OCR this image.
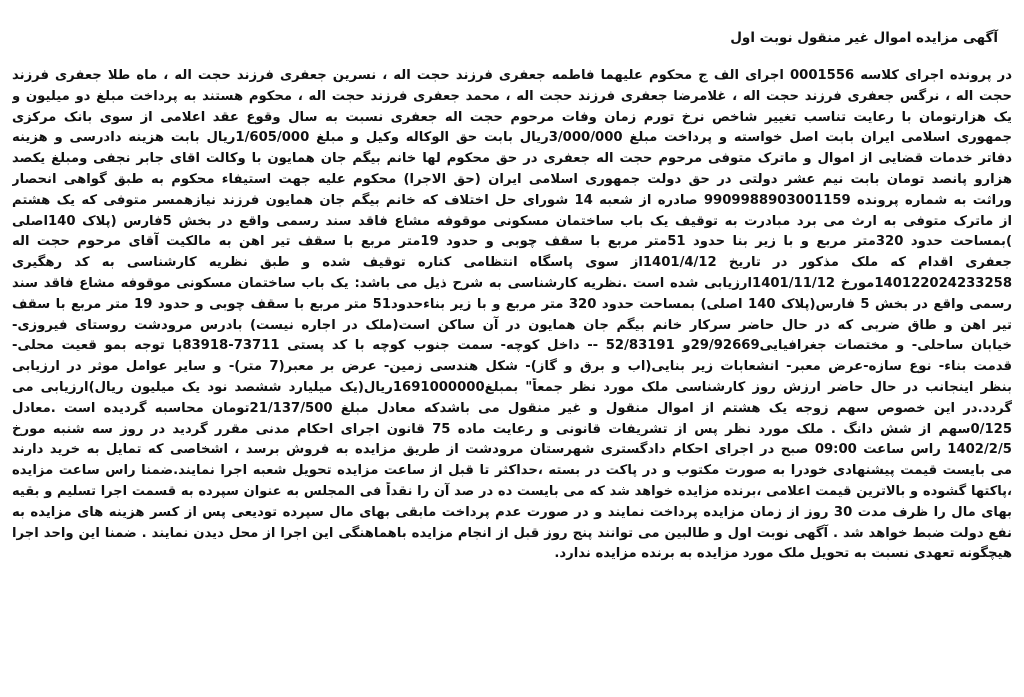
آگهی مزایده اموال غیر منقول نوبت اول
در پرونده اجرای کلاسه 0001556 اجرای الف ج محکوم علیهما فاطمه جعفری فرزند حجت اله ، نسرین جعفری فرزند حجت اله ، ماه طلا جعفری فرزند
حجت اله ، نرگس جعفری فرزند حجت اله ، غلامرضا جعفری فرزند حجت اله ، محمد جعفری فرزند حجت اله ، محکوم هستند به پرداخت مبلغ دو میلیون و
یک هزارتومان با رعایت تناسب تغییر شاخص نرخ تورم زمان وفات مرحوم حجت اله جعفری نسبت به سال وقوع عقد اعلامی از سوی بانک مرکزی
جمهوری اسلامی ایران بابت اصل خواسته و پرداخت مبلغ 3/000/000ریال بابت حق الوکاله وکیل و مبلغ 1/605/000ریال بابت هزینه دادرسی و هزینه
دفاتر خدمات قضایی از اموال و ماترک متوفی مرحوم حجت اله جعفری در حق محکوم لها خانم بیگم جان همایون با وکالت اقای جابر نجفی ومبلغ یکصد
هزارو پانصد تومان بابت نیم عشر دولتی در حق دولت جمهوری اسلامی ایران (حق الاجرا) محکوم علیه جهت استیفاء محکوم به طبق گواهی انحصار
وراثت به شماره پرونده 9909988903001159 صادره از شعبه 14 شورای حل اختلاف که خانم بیگم جان همایون فرزند نیازهمسر متوفی که یک هشتم
از ماترک متوفی به ارث می برد مبادرت به توقیف یک باب ساختمان مسکونی موقوفه مشاع فاقد سند رسمی واقع در بخش 5فارس (پلاک 140اصلی
)بمساحت حدود 320متر مربع و با زیر بنا حدود 51متر مربع با سقف چوبی و حدود 19متر مربع با سقف تیر اهن به مالکیت آقای مرحوم حجت اله
جعفری اقدام که ملک مذکور در تاریخ 1401/4/12از سوی پاسگاه انتظامی کناره توقیف شده و طبق نظریه کارشناسی به کد رهگیری
140122024233258مورخ 1401/11/12ارزیابی شده است .نظریه کارشناسی به شرح ذیل می باشد: یک باب ساختمان مسکونی موقوفه مشاع فاقد سند
رسمی واقع در بخش 5 فارس(پلاک 140 اصلی) بمساحت حدود 320 متر مربع و با زیر بناءحدود51 متر مربع با سقف چوبی و حدود 19 متر مربع با سقف
تیر اهن و طاق ضربی که در حال حاضر سرکار خانم بیگم جان همایون در آن ساکن است(ملک در اجاره نیست) بادرس مرودشت روستای فیروزی-
خیابان ساحلی- و مختصات جغرافیایی29/92669و 52/83191 -- داخل کوچه- سمت جنوب کوچه با کد پستی 73711-83918با توجه بمو قعیت محلی-
قدمت بناء- نوع سازه-عرض معبر- انشعابات زیر بنایی(اب و برق و گاز)- شکل هندسی زمین- عرض بر معبر(7 متر)- و سایر عوامل موثر در ارزیابی
بنظر اینجانب در حال حاضر ارزش روز کارشناسی ملک مورد نظر جمعاً" بمبلغ1691000000ریال(یک میلیارد ششصد نود یک میلیون ریال)ارزیابی می
گردد.در این خصوص سهم زوجه یک هشتم از اموال منقول و غیر منقول می باشدکه معادل مبلغ 21/137/500تومان محاسبه گردیده است .معادل
0/125سهم از شش دانگ . ملک مورد نظر پس از تشریفات قانونی و رعایت ماده 75 قانون اجرای احکام مدنی مقرر گردید در روز سه شنبه مورخ
1402/2/5 راس ساعت 09:00 صبح در اجرای احکام دادگستری شهرستان مرودشت از طریق مزایده به فروش برسد ، اشخاصی که تمایل به خرید دارند
می بایست قیمت پیشنهادی خودرا به صورت مکتوب و در پاکت در بسته ،حداکثر تا قبل از ساعت مزایده تحویل شعبه اجرا نمایند.ضمنا راس ساعت مزایده
،پاکتها گشوده و بالاترین قیمت اعلامی ،برنده مزایده خواهد شد که می بایست ده در صد آن را نقداً فی المجلس به عنوان سپرده به قسمت اجرا تسلیم و بقیه
بهای مال را ظرف مدت 30 روز از زمان مزایده پرداخت نمایند و در صورت عدم پرداخت مابقی بهای مال سپرده تودیعی پس از کسر هزینه های مزایده به
نفع دولت ضبط خواهد شد . آگهی نوبت اول و طالبین می توانند پنج روز قبل از انجام مزایده باهماهنگی این اجرا از محل دیدن نمایند . ضمنا این واحد اجرا
هیچگونه تعهدی نسبت به تحویل ملک مورد مزایده به برنده مزایده ندارد.
